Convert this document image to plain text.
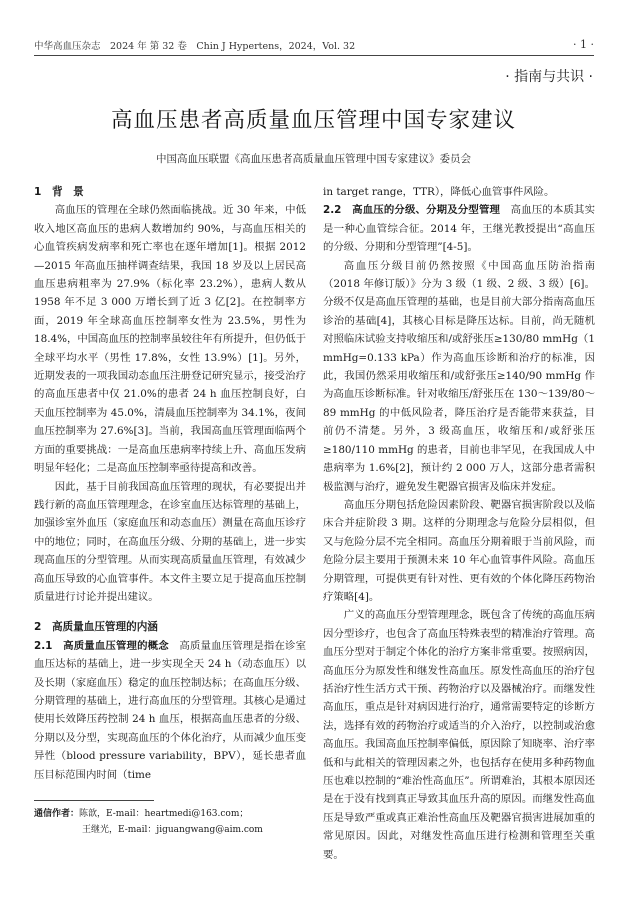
中华高血压杂志　2024 年 第 32 卷　Chin J Hypertens，2024，Vol. 32	· 1 ·
· 指南与共识 ·
高血压患者高质量血压管理中国专家建议
中国高血压联盟《高血压患者高质量血压管理中国专家建议》委员会
1　背　景

高血压的管理在全球仍然面临挑战。近 30 年来，中低收入地区高血压的患病人数增加约 90%，与高血压相关的心血管疾病发病率和死亡率也在逐年增加[1]。根据 2012—2015 年高血压抽样调查结果，我国 18 岁及以上居民高血压患病粗率为 27.9%（标化率 23.2%），患病人数从 1958 年不足 3 000 万增长到了近 3 亿[2]。在控制率方面，2019 年全球高血压控制率女性为 23.5%，男性为 18.4%，中国高血压的控制率虽较往年有所提升，但仍低于全球平均水平（男性 17.8%，女性 13.9%）[1]。另外，近期发表的一项我国动态血压注册登记研究显示，接受治疗的高血压患者中仅 21.0%的患者 24 h 血压控制良好，白天血压控制率为 45.0%，清晨血压控制率为 34.1%，夜间血压控制率为 27.6%[3]。当前，我国高血压管理面临两个方面的重要挑战：一是高血压患病率持续上升、高血压发病明显年轻化；二是高血压控制率亟待提高和改善。

因此，基于目前我国高血压管理的现状，有必要提出并践行新的高血压管理理念，在诊室血压达标管理的基础上，加强诊室外血压（家庭血压和动态血压）测量在高血压诊疗中的地位；同时，在高血压分级、分期的基础上，进一步实现高血压的分型管理。从而实现高质量血压管理，有效减少高血压导致的心血管事件。本文件主要立足于提高血压控制质量进行讨论并提出建议。

2　高质量血压管理的内涵

2.1　高质量血压管理的概念　 高质量血压管理是指在诊室血压达标的基础上，进一步实现全天 24 h（动态血压）以及长期（家庭血压）稳定的血压控制达标；在高血压分级、分期管理的基础上，进行高血压的分型管理。其核心是通过使用长效降压药控制 24 h 血压，根据高血压患者的分级、分期以及分型，实现高血压的个体化治疗，从而减少血压变异性（blood pressure variability，BPV），延长患者血压目标范围内时间（time

in target range，TTR），降低心血管事件风险。

2.2　高血压的分级、分期及分型管理　 高血压的本质其实是一种心血管综合征。2014 年，王继光教授提出“高血压的分级、分期和分型管理”[4-5]。

高血压分级目前仍然按照《中国高血压防治指南（2018 年修订版）》分为 3 级（1 级、2 级、3 级）[6]。分级不仅是高血压管理的基础，也是目前大部分指南高血压诊治的基础[4]，其核心目标是降压达标。目前，尚无随机对照临床试验支持收缩压和/或舒张压≥130/80 mmHg（1 mmHg=0.133 kPa）作为高血压诊断和治疗的标准，因此，我国仍然采用收缩压和/或舒张压≥140/90 mmHg 作为高血压诊断标准。针对收缩压/舒张压在 130～139/80～89 mmHg 的中低风险者，降压治疗是否能带来获益，目前仍不清楚。另外，3 级高血压，收缩压和/或舒张压≥180/110 mmHg 的患者，目前也非罕见，在我国成人中患病率为 1.6%[2]，预计约 2 000 万人，这部分患者需积极监测与治疗，避免发生靶器官损害及临床并发症。

高血压分期包括危险因素阶段、靶器官损害阶段以及临床合并症阶段 3 期。这样的分期理念与危险分层相似，但又与危险分层不完全相同。高血压分期着眼于当前风险，而危险分层主要用于预测未来 10 年心血管事件风险。高血压分期管理，可提供更有针对性、更有效的个体化降压药物治疗策略[4]。

广义的高血压分型管理理念，既包含了传统的高血压病因分型诊疗，也包含了高血压特殊表型的精准治疗管理。高血压分型对于制定个体化的治疗方案非常重要。按照病因，高血压分为原发性和继发性高血压。原发性高血压的治疗包括治疗性生活方式干预、药物治疗以及器械治疗。而继发性高血压，重点是针对病因进行治疗，通常需要特定的诊断方法，选择有效的药物治疗或适当的介入治疗，以控制或治愈高血压。我国高血压控制率偏低，原因除了知晓率、治疗率低和与此相关的管理因素之外，也包括存在使用多种药物血压也难以控制的“难治性高血压”。所谓难治，其根本原因还是在于没有找到真正导致其血压升高的原因。而继发性高血压是导致严重或真正难治性高血压及靶器官损害进展加重的常见原因。因此，对继发性高血压进行检测和管理至关重要。

通信作者：陈歆，E-mail：heartmedi@163.com；
王继光，E-mail：jiguangwang@aim.com
